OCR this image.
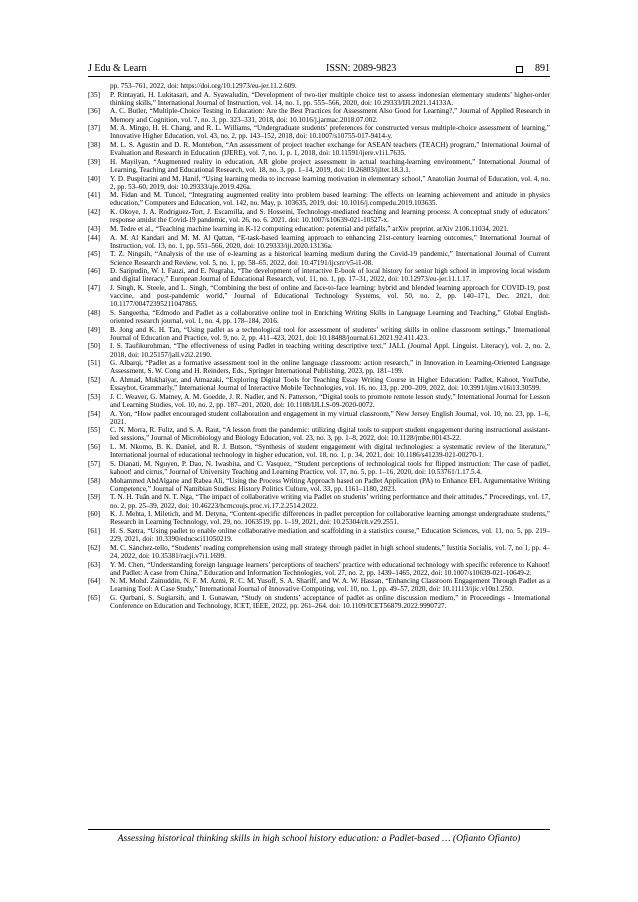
J Edu & Learn	ISSN: 2089-9823	891
pp. 753–761, 2022, doi: https://doi.org/10.12973/eu-jer.11.2.609.
[35]	P. Rintayati, H. Lukitasari, and A. Syawaludin, “Development of two-tier multiple choice test to assess indonesian elementary students’ higher-order thinking skills,” International Journal of Instruction, vol. 14, no. 1, pp. 555–566, 2020, doi: 10.29333/IJI.2021.14133A.
[36]	A. C. Butler, “Multiple-Choice Testing in Education: Are the Best Practices for Assessment Also Good for Learning?,” Journal of Applied Research in Memory and Cognition, vol. 7, no. 3, pp. 323–331, 2018, doi: 10.1016/j.jarmac.2018.07.002.
[37]	M. A. Mingo, H. H. Chang, and R. L. Williams, “Undergraduate students’ preferences for constructed versus multiple-choice assessment of learning,” Innovative Higher Education, vol. 43, no. 2, pp. 143–152, 2018, doi: 10.1007/s10755-017-9414-y.
[38]	M. L. S. Agustin and D. R. Montebon, “An assessment of project teacher exchange for ASEAN teachers (TEACH) program,” International Journal of Evaluation and Research in Education (IJERE), vol. 7, no. 1, p. 1, 2018, doi: 10.11591/ijere.v1i1.7635.
[39]	H. Mayilyan, “Augmented reality in education, AR globe project assessment in actual teaching-learning environment,” International Journal of Learning, Teaching and Educational Research, vol. 18, no. 3, pp. 1–14, 2019, doi: 10.26803/ijlter.18.3.1.
[40]	Y. D. Puspitarini and M. Hanif, “Using learning media to increase learning motivation in elementary school,” Anatolian Journal of Education, vol. 4, no. 2, pp. 53–60, 2019, doi: 10.29333/aje.2019.426a.
[41]	M. Fidan and M. Tuncel, “Integrating augmented reality into problem based learning: The effects on learning achievement and attitude in physics education,” Computers and Education, vol. 142, no. May, p. 103635, 2019, doi: 10.1016/j.compedu.2019.103635.
[42]	K. Okoye, J. A. Rodriguez-Tort, J. Escamilla, and S. Hosseini, Technology-mediated teaching and learning process: A conceptual study of educators’ response amidst the Covid-19 pandemic, vol. 26, no. 6. 2021. doi: 10.1007/s10639-021-10527-x.
[43]	M. Tedre et al., “Teaching machine learning in K-12 computing education: potential and pitfalls,” arXiv preprint. arXiv 2106.11034, 2021.
[44]	A. M. Al Kandari and M. M. Al Qattan, “E-task-based learning approach to enhancing 21st-century learning outcomes,” International Journal of Instruction, vol. 13, no. 1, pp. 551–566, 2020, doi: 10.29333/iji.2020.13136a.
[45]	T. Z. Ningsih, “Analysis of the use of e-learning as a historical learning medium during the Covid-19 pandemic,” International Journal of Current Science Research and Review, vol. 5, no. 1, pp. 58–65, 2022, doi: 10.47191/ijcsrr/v5-i1-08.
[46]	D. Saripudin, W. I. Fauzi, and E. Nugraha, “The development of interactive E-book of local history for senior high school in improving local wisdom and digital literacy,” European Journal of Educational Research, vol. 11, no. 1, pp. 17–31, 2022, doi: 10.12973/eu-jer.11.1.17.
[47]	J. Singh, K. Steele, and L. Singh, “Combining the best of online and face-to-face learning: hybrid and blended learning approach for COVID-19, post vaccine, and post-pandemic world,” Journal of Educational Technology Systems, vol. 50, no. 2, pp. 140–171, Dec. 2021, doi: 10.1177/00472395211047865.
[48]	S. Sangeetha, “Edmodo and Padlet as a collaborative online tool in Enriching Writing Skills in Language Learning and Teaching,” Global English-oriented research journal, vol. 1, no. 4, pp. 178–184, 2016.
[49]	B. Jong and K. H. Tan, “Using padlet as a technological tool for assessment of students’ writing skills in online classroom settings,” International Journal of Education and Practice, vol. 9, no. 2, pp. 411–423, 2021, doi: 10.18488/journal.61.2021.92.411.423.
[50]	I. S. Taufikurohman, “The effectiveness of using Padlet in teaching writing descriptive text,” JALL (Journal Appl. Linguist. Literacy), vol. 2, no. 2, 2018, doi: 10.25157/jall.v2i2.2190.
[51]	G. Albarqi, “Padlet as a formative assessment tool in the online language classroom: action research,” in Innovation in Learning-Oriented Language Assessment, S. W. Cong and H. Reinders, Eds., Springer International Publishing, 2023, pp. 181–199.
[52]	A. Ahmad, Mukhaiyar, and Atmazaki, “Exploring Digital Tools for Teaching Essay Writing Course in Higher Education: Padlet, Kahoot, YouTube, Essaybot, Grammarly,” International Journal of Interactive Mobile Technologies, vol. 16, no. 13, pp. 200–209, 2022, doi: 10.3991/ijim.v16i13.30599.
[53]	J. C. Weaver, G. Matney, A. M. Goedde, J. R. Nadler, and N. Patterson, “Digital tools to promote remote lesson study,” International Journal for Lesson and Learning Studies, vol. 10, no. 2, pp. 187–201, 2020, doi: 10.1108/IJLLS-09-2020-0072.
[54]	A. Yon, “How padlet encouraged student collaboration and engagement in my virtual classroom,” New Jersey English Journal, vol. 10, no. 23, pp. 1–6, 2021.
[55]	C. N. Morra, R. Fultz, and S. A. Raut, “A lesson from the pandemic: utilizing digital tools to support student engagement during instructional assistant-led sessions,” Journal of Microbiology and Biology Education, vol. 23, no. 3, pp. 1–8, 2022, doi: 10.1128/jmbe.00143-22.
[56]	L. M. Nkomo, B. K. Daniel, and R. J. Butson, “Synthesis of student engagement with digital technologies: a systematic review of the literature,” International journal of educational technology in higher education, vol. 18, no. 1, p. 34, 2021, doi: 10.1186/s41239-021-00270-1.
[57]	S. Dianati, M. Nguyen, P. Dao, N. Iwashita, and C. Vasquez, “Student perceptions of technological tools for flipped instruction: The case of padlet, kahoot! and cirrus,” Journal of University Teaching and Learning Practice, vol. 17, no. 5, pp. 1–16, 2020, doi: 10.53761/1.17.5.4.
[58]	Mohammed AbdAlgane and Rabea Ali, “Using the Process Writing Approach based on Padlet Application (PA) to Enhance EFL Argumentative Writing Competence,” Journal of Namibian Studies: History Politics Culture, vol. 33, pp. 1161–1180, 2023.
[59]	T. N. H. Tuấn and N. T. Nga, “The impact of collaborative writing via Padlet on students’ writing performance and their attitudes,” Proceedings, vol. 17, no. 2, pp. 25–39, 2022, doi: 10.46223/hcmcoujs.proc.vi.17.2.2514.2022.
[60]	K. J. Mehta, I. Miletich, and M. Detyna, “Content-specific differences in padlet perception for collaborative learning amongst undergraduate students,” Research in Learning Technology, vol. 29, no. 1063519, pp. 1–19, 2021, doi: 10.25304/rlt.v29.2551.
[61]	H. S. Sætra, “Using padlet to enable online collaborative mediation and scaffolding in a statistics course,” Education Sciences, vol. 11, no. 5, pp. 219–229, 2021, doi: 10.3390/educsci11050219.
[62]	M. C. Sánchez-tello, “Students’ reading comprehension using mall strategy through padlet in high school students,” Iustitia Socialis, vol. 7, no 1, pp. 4–24, 2022, doi: 10.35381/racji.v7i1.1699.
[63]	Y. M. Chen, “Understanding foreign language learners’ perceptions of teachers’ practice with educational technology with specific reference to Kahoot! and Padlet: A case from China,” Education and Information Technologies, vol. 27, no. 2, pp. 1439–1465, 2022, doi: 10.1007/s10639-021-10649-2.
[64]	N. M. Mohd. Zainuddin, N. F. M. Azmi, R. C. M. Yusoff, S. A. Shariff, and W. A. W. Hassan, “Enhancing Classroom Engagement Through Padlet as a Learning Tool: A Case Study,” International Journal of Innovative Computing, vol. 10, no. 1, pp. 49–57, 2020, doi: 10.11113/ijic.v10n1.250.
[65]	G. Qurbani, S. Sugiarsih, and I. Gunawan, “Study on students’ acceptance of padlet as online discussion medium,” in Proceedings - International Conference on Education and Technology, ICET, IEEE, 2022, pp. 261–264. doi: 10.1109/ICET56879.2022.9990727.
Assessing historical thinking skills in high school history education: a Padlet-based … (Ofianto Ofianto)
